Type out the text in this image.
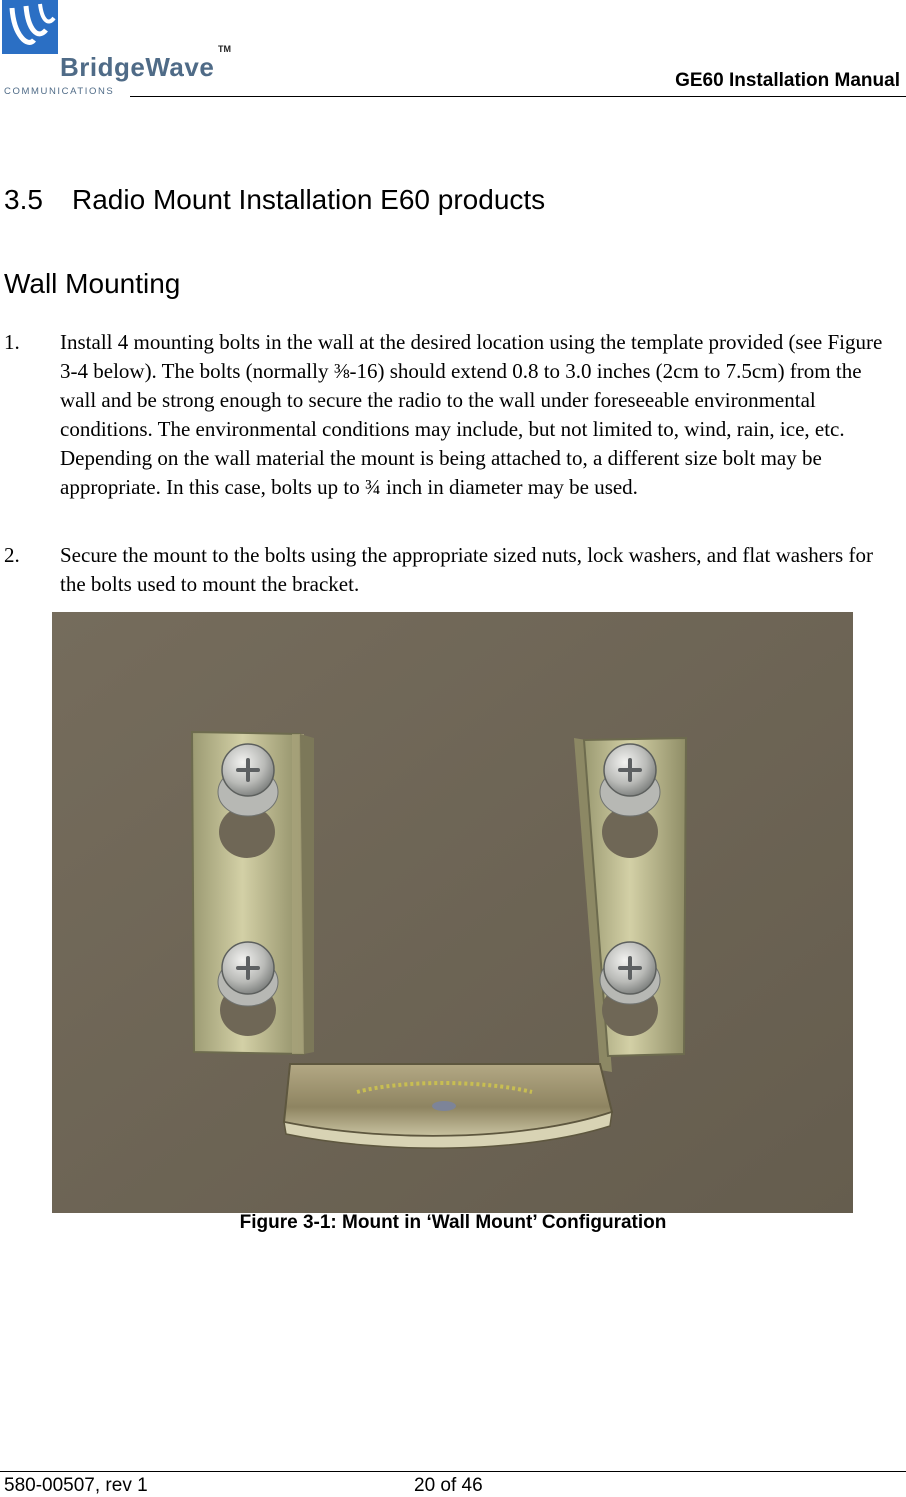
BridgeWave
TM
COMMUNICATIONS
GE60 Installation Manual
3.5 Radio Mount Installation E60 products
Wall Mounting
1. Install 4 mounting bolts in the wall at the desired location using the template provided (see Figure 3-4 below). The bolts (normally ⅜-16) should extend 0.8 to 3.0 inches (2cm to 7.5cm) from the wall and be strong enough to secure the radio to the wall under foreseeable environmental conditions. The environmental conditions may include, but not limited to, wind, rain, ice, etc. Depending on the wall material the mount is being attached to, a different size bolt may be appropriate. In this case, bolts up to ¾ inch in diameter may be used.
2. Secure the mount to the bolts using the appropriate sized nuts, lock washers, and flat washers for the bolts used to mount the bracket.
Figure 3-1: Mount in ‘Wall Mount’ Configuration
580-00507, rev 1	20 of 46
